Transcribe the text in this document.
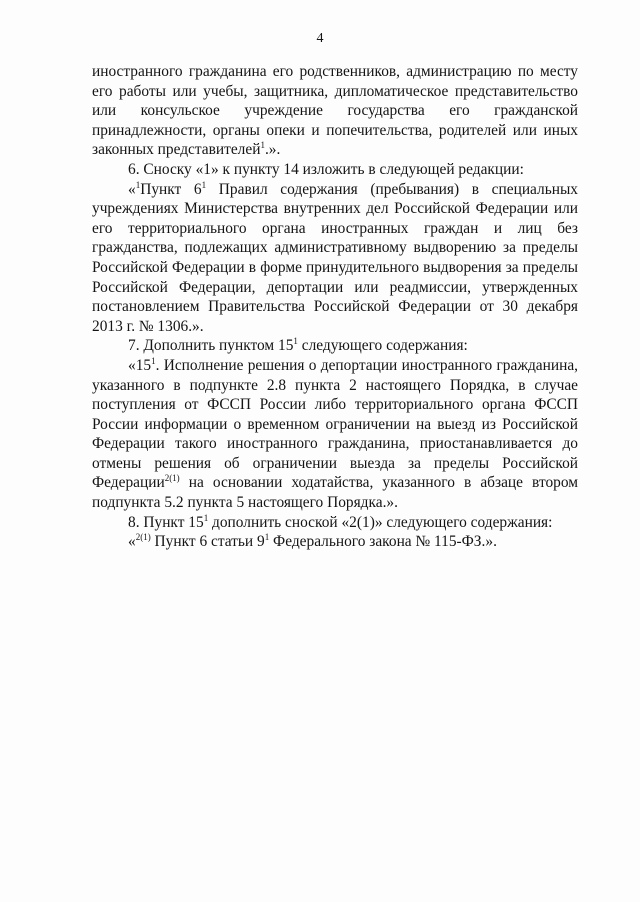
4

иностранного гражданина его родственников, администрацию по месту его работы или учебы, защитника, дипломатическое представительство или консульское учреждение государства его гражданской принадлежности, органы опеки и попечительства, родителей или иных законных представителей$^1$.».

6. Сноску «1» к пункту 14 изложить в следующей редакции:

«$^1$Пункт $6^1$ Правил содержания (пребывания) в специальных учреждениях Министерства внутренних дел Российской Федерации или его территориального органа иностранных граждан и лиц без гражданства, подлежащих административному выдворению за пределы Российской Федерации в форме принудительного выдворения за пределы Российской Федерации, депортации или реадмиссии, утвержденных постановлением Правительства Российской Федерации от 30 декабря 2013 г. № 1306.».

7. Дополнить пунктом $15^1$ следующего содержания:

«$15^1$. Исполнение решения о депортации иностранного гражданина, указанного в подпункте 2.8 пункта 2 настоящего Порядка, в случае поступления от ФССП России либо территориального органа ФССП России информации о временном ограничении на выезд из Российской Федерации такого иностранного гражданина, приостанавливается до отмены решения об ограничении выезда за пределы Российской Федерации$^{2(1)}$ на основании ходатайства, указанного в абзаце втором подпункта 5.2 пункта 5 настоящего Порядка.».

8. Пункт $15^1$ дополнить сноской «2(1)» следующего содержания:

«$^{2(1)}$ Пункт 6 статьи $9^1$ Федерального закона № 115-ФЗ.».
